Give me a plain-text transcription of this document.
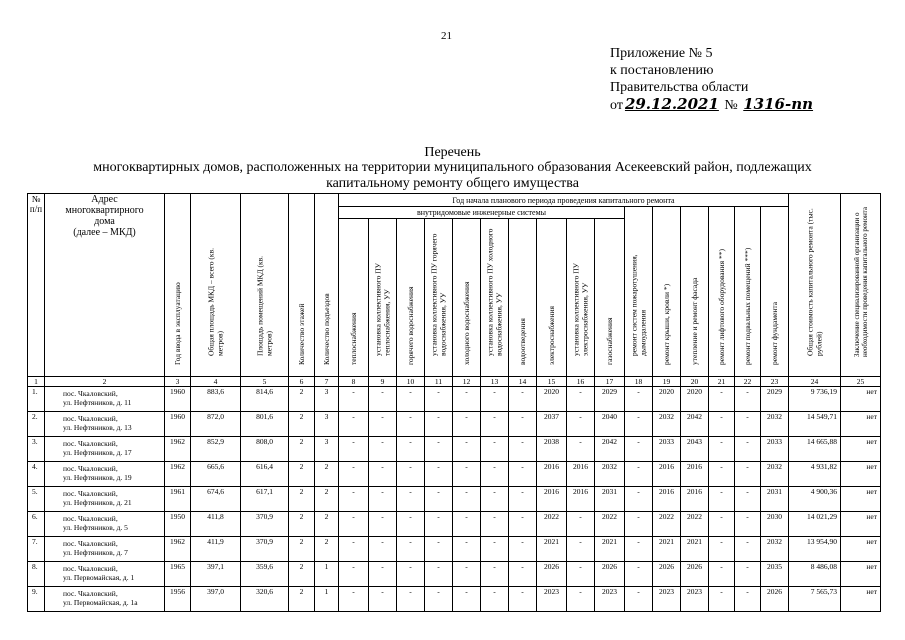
21
Приложение № 5
к постановлению
Правительства области
от 29.12.2021 № 1316-пп
Перечень
многоквартирных домов, расположенных на территории муниципального образования Асекеевский район, подлежащих
капитальному ремонту общего имущества
№
п/п	Адрес
многоквартирного
дома
(далее – МКД)	Год ввода в эксплуатацию	Общая площадь МКД – всего (кв. метров)	Площадь помещений МКД (кв. метров)	Количество этажей	Количество подъездов	Год начала планового периода проведения капитального ремонта																Общая стоимость капитального ремонта (тыс. рублей)	Заключение специализированной организации о необходимости проведения капитального ремонта

							внутридомовые инженерные системы										ремонт систем пожаротушения, дымоудаления	ремонт крыши, кровли *)	утепление и ремонт фасада	ремонт лифтового оборудования **)	ремонт подвальных помещений ***)	ремонт фундамента		

							теплоснабжения	установка коллективного ПУ теплоснабжения, УУ	горячего водоснабжения	установка коллективного ПУ горячего водоснабжения, УУ	холодного водоснабжения	установка коллективного ПУ холодного водоснабжения, УУ	водоотведения	электроснабжения	установка коллективного ПУ электроснабжения, УУ	газоснабжения								

1	2	3	4	5	6	7	8	9	10	11	12	13	14	15	16	17	18	19	20	21	22	23	24	25
1.	пос. Чкаловский,
ул. Нефтяников, д. 11	1960	883,6	814,6	2	3	-	-	-	-	-	-	-	2020	-	2029	-	2020	2020	-	-	2029	9 736,19	нет
2.	пос. Чкаловский,
ул. Нефтяников, д. 13	1960	872,0	801,6	2	3	-	-	-	-	-	-	-	2037	-	2040	-	2032	2042	-	-	2032	14 549,71	нет
3.	пос. Чкаловский,
ул. Нефтяников, д. 17	1962	852,9	808,0	2	3	-	-	-	-	-	-	-	2038	-	2042	-	2033	2043	-	-	2033	14 665,88	нет
4.	пос. Чкаловский,
ул. Нефтяников, д. 19	1962	665,6	616,4	2	2	-	-	-	-	-	-	-	2016	2016	2032	-	2016	2016	-	-	2032	4 931,82	нет
5.	пос. Чкаловский,
ул. Нефтяников, д. 21	1961	674,6	617,1	2	2	-	-	-	-	-	-	-	2016	2016	2031	-	2016	2016	-	-	2031	4 900,36	нет
6.	пос. Чкаловский,
ул. Нефтяников, д. 5	1950	411,8	370,9	2	2	-	-	-	-	-	-	-	2022	-	2022	-	2022	2022	-	-	2030	14 021,29	нет
7.	пос. Чкаловский,
ул. Нефтяников, д. 7	1962	411,9	370,9	2	2	-	-	-	-	-	-	-	2021	-	2021	-	2021	2021	-	-	2032	13 954,90	нет
8.	пос. Чкаловский,
ул. Первомайская, д. 1	1965	397,1	359,6	2	1	-	-	-	-	-	-	-	2026	-	2026	-	2026	2026	-	-	2035	8 486,08	нет
9.	пос. Чкаловский,
ул. Первомайская, д. 1а	1956	397,0	320,6	2	1	-	-	-	-	-	-	-	2023	-	2023	-	2023	2023	-	-	2026	7 565,73	нет
